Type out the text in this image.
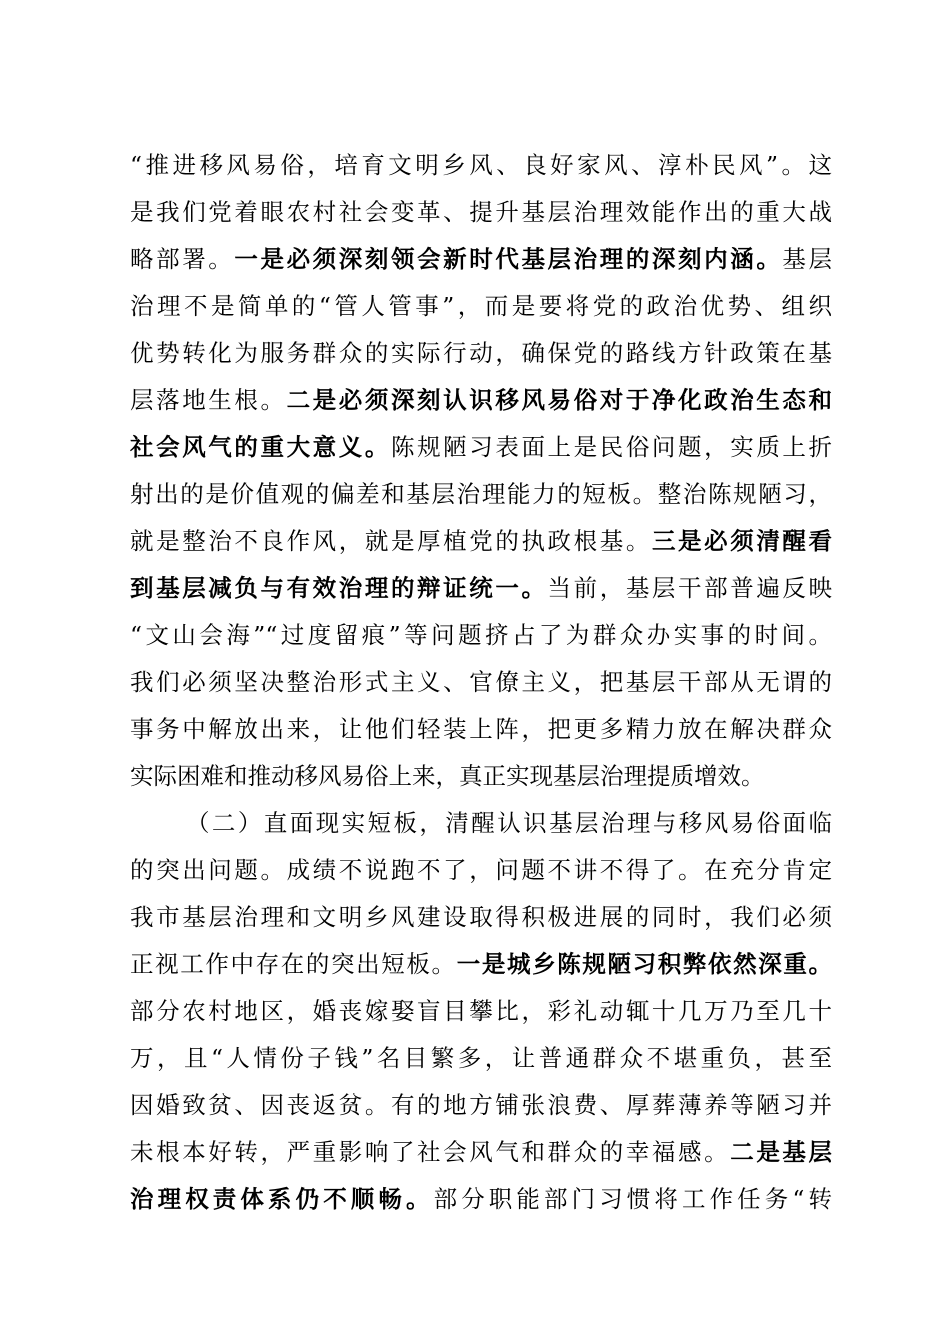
“推进移风易俗，培育文明乡风、良好家风、淳朴民风”。这
是我们党着眼农村社会变革、提升基层治理效能作出的重大战
略部署。一是必须深刻领会新时代基层治理的深刻内涵。基层
治理不是简单的“管人管事”，而是要将党的政治优势、组织
优势转化为服务群众的实际行动，确保党的路线方针政策在基
层落地生根。二是必须深刻认识移风易俗对于净化政治生态和
社会风气的重大意义。陈规陋习表面上是民俗问题，实质上折
射出的是价值观的偏差和基层治理能力的短板。整治陈规陋习，
就是整治不良作风，就是厚植党的执政根基。三是必须清醒看
到基层减负与有效治理的辩证统一。当前，基层干部普遍反映
“文山会海”“过度留痕”等问题挤占了为群众办实事的时间。
我们必须坚决整治形式主义、官僚主义，把基层干部从无谓的
事务中解放出来，让他们轻装上阵，把更多精力放在解决群众
实际困难和推动移风易俗上来，真正实现基层治理提质增效。
（二）直面现实短板，清醒认识基层治理与移风易俗面临
的突出问题。成绩不说跑不了，问题不讲不得了。在充分肯定
我市基层治理和文明乡风建设取得积极进展的同时，我们必须
正视工作中存在的突出短板。一是城乡陈规陋习积弊依然深重。
部分农村地区，婚丧嫁娶盲目攀比，彩礼动辄十几万乃至几十
万，且“人情份子钱”名目繁多，让普通群众不堪重负，甚至
因婚致贫、因丧返贫。有的地方铺张浪费、厚葬薄养等陋习并
未根本好转，严重影响了社会风气和群众的幸福感。二是基层
治理权责体系仍不顺畅。部分职能部门习惯将工作任务“转
